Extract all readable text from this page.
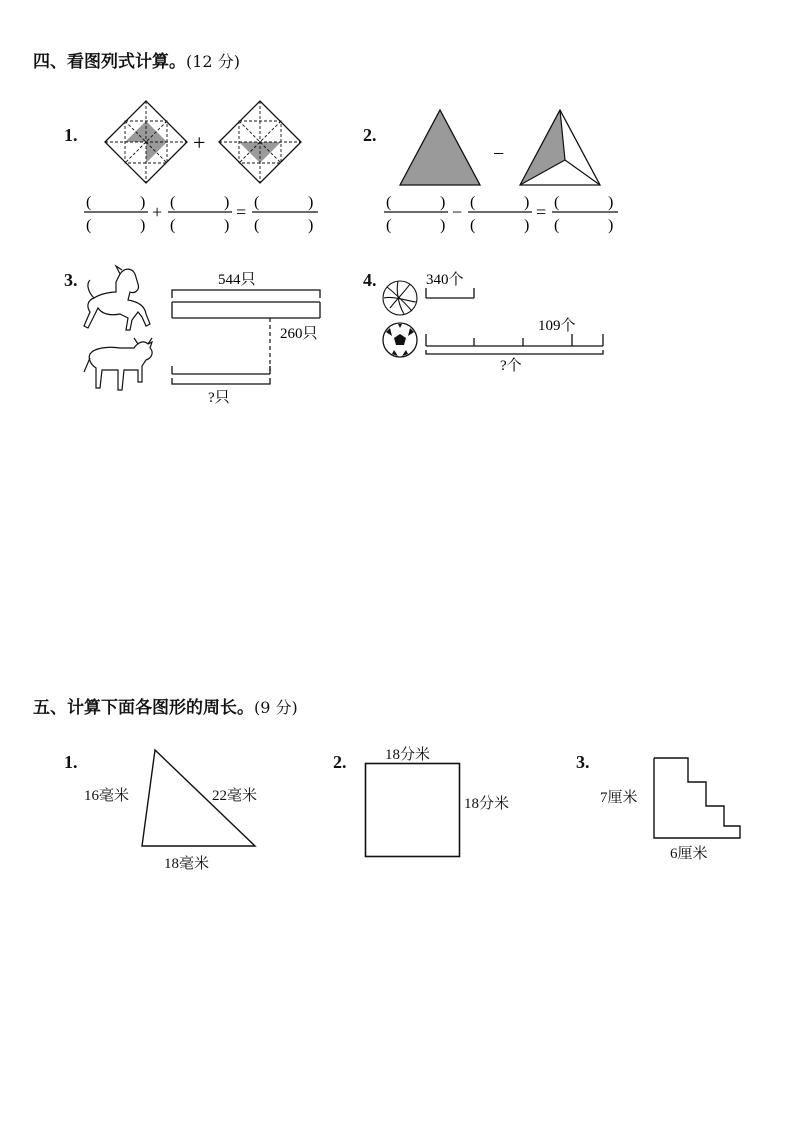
四、看图列式计算。(12 分)
1.	+
(	)
(	)
+ (	)
(	)
= (	)
(	)
2.
−
(	)
(	)
− (	)
(	)
= (	)
(	)
3.	544只
260只
?只
4.	340个
109个
?个
五、计算下面各图形的周长。(9 分)
1.
16毫米	22毫米
18毫米
2.	18分米
18分米
3.
7厘米
6厘米
